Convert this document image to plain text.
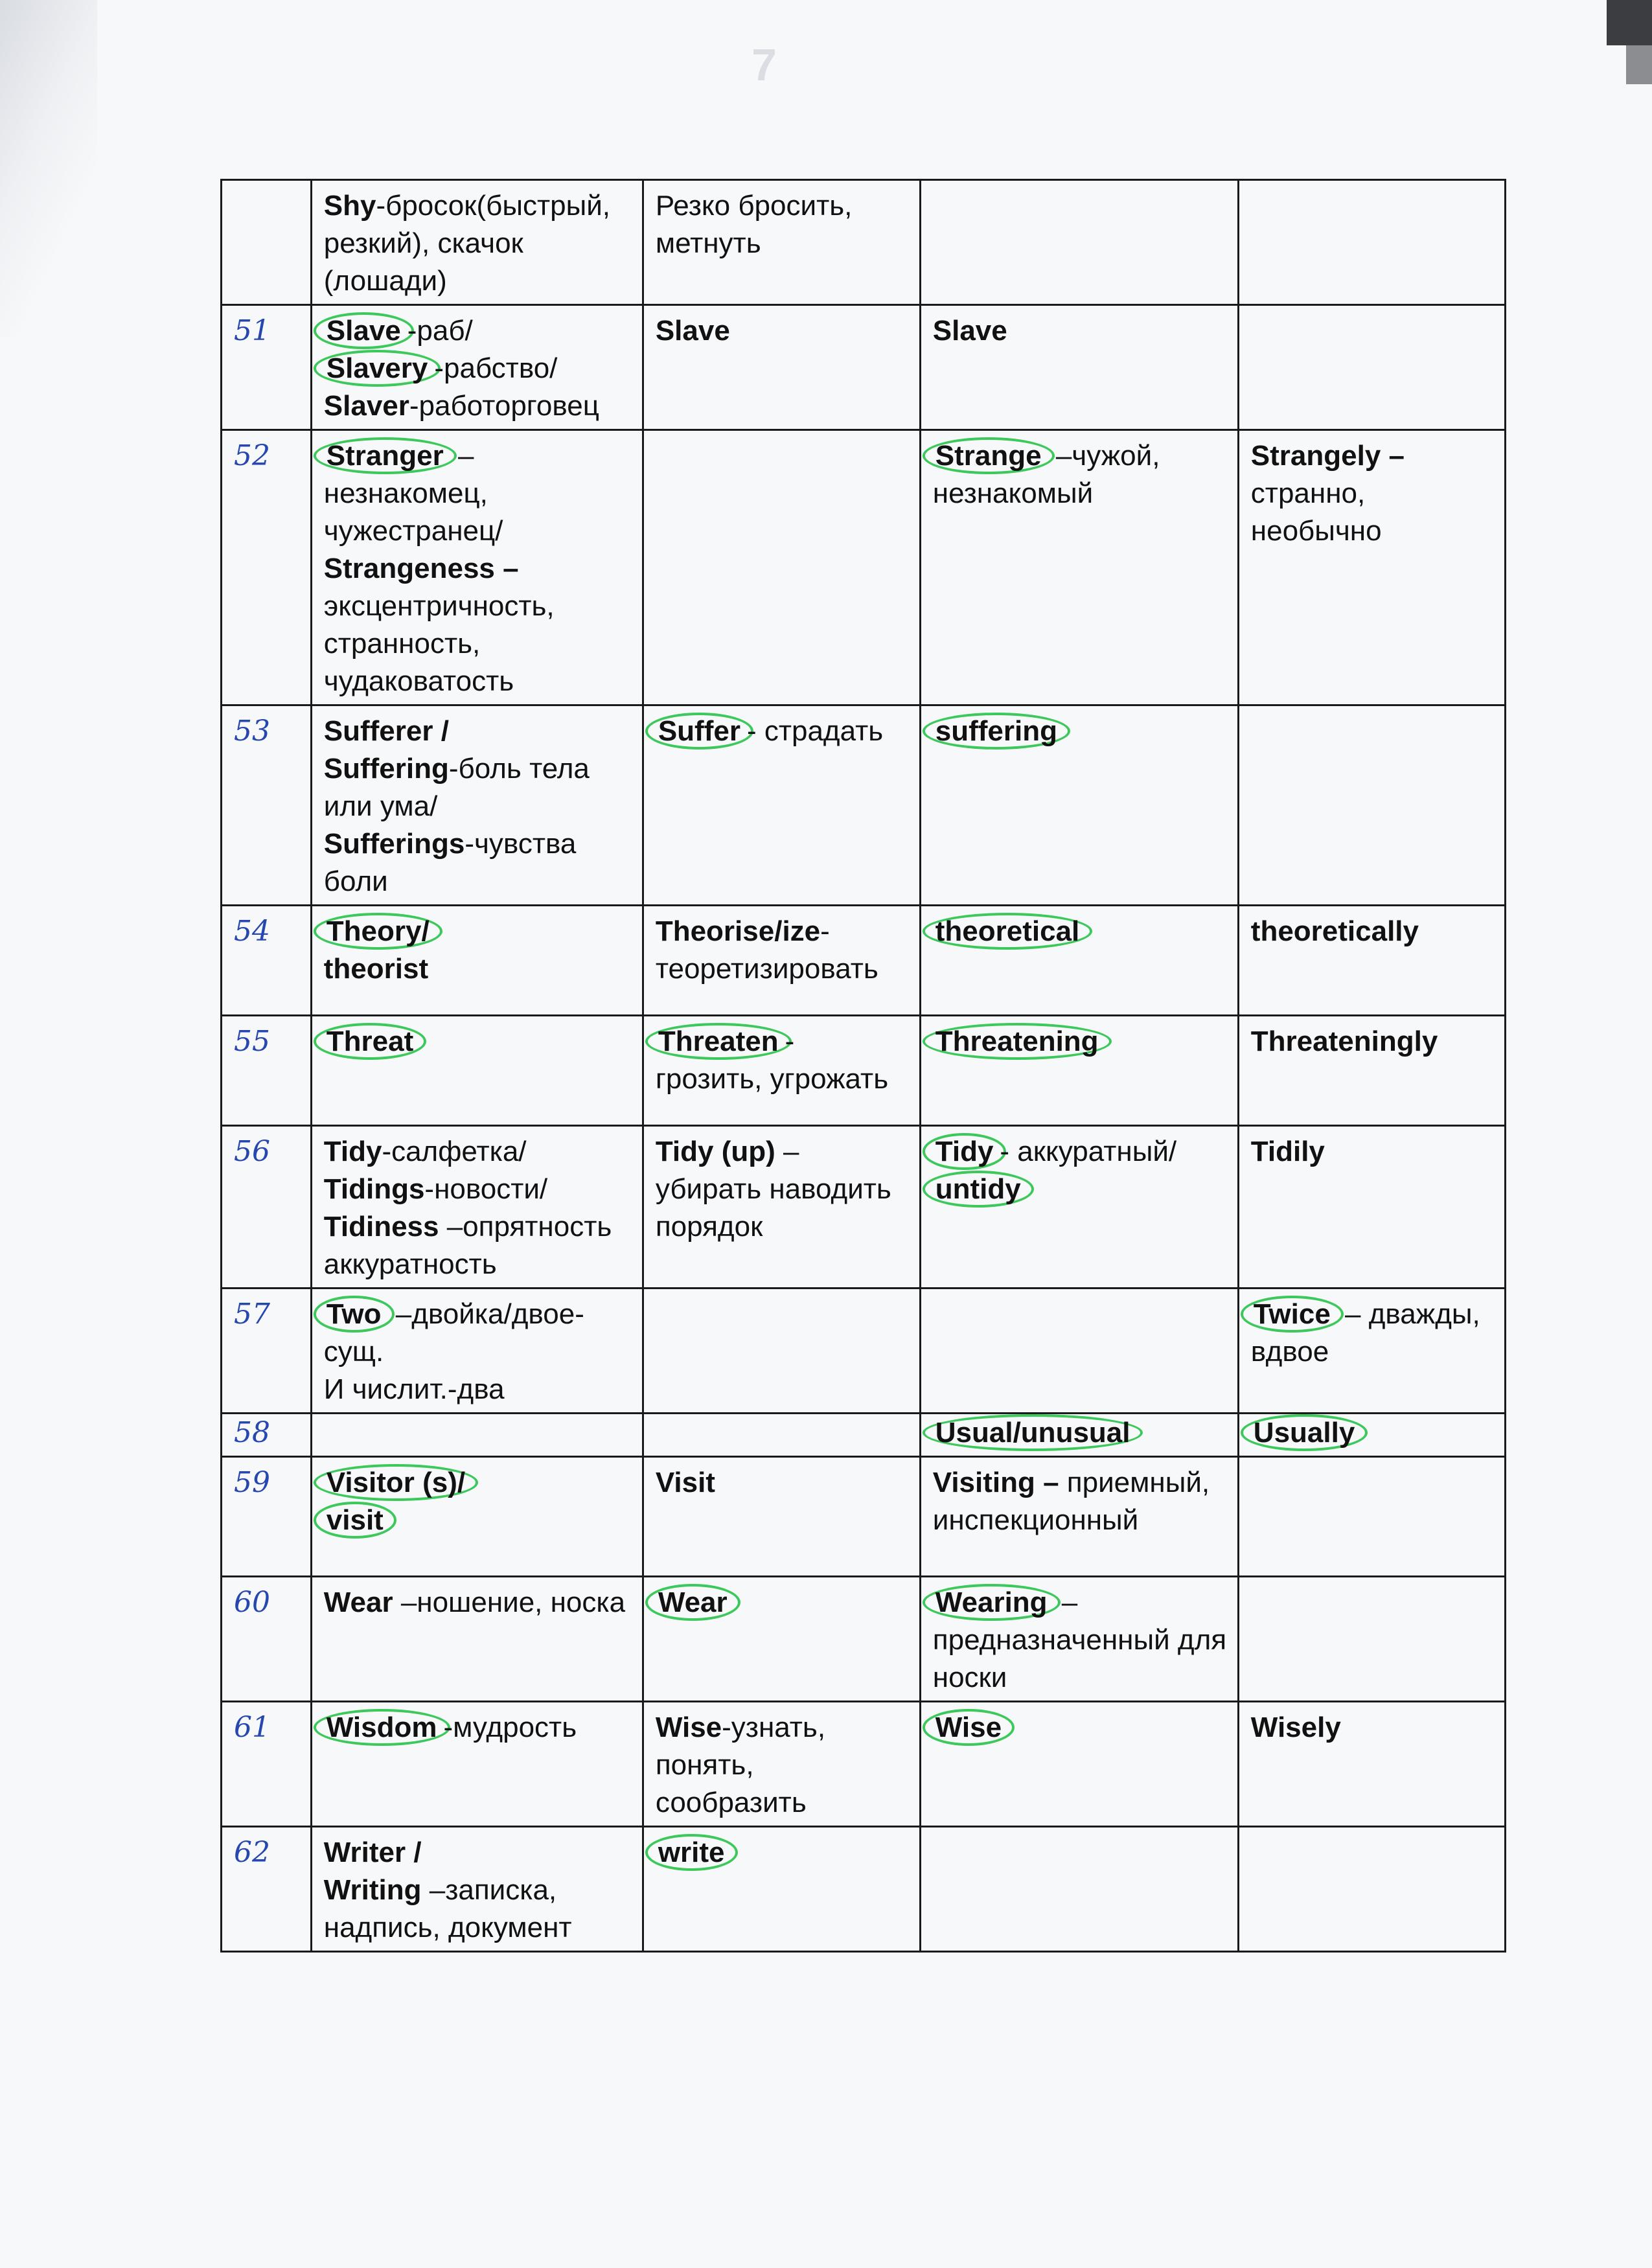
7
	Shy-бросок(быстрый, резкий), скачок (лошади)	Резко бросить, метнуть		
51	Slave -раб/
Slavery -рабство/
Slaver-работорговец	Slave	Slave	
52	Stranger –незнакомец, чужестранец/
Strangeness – эксцентричность, странность, чудаковатость		Strange –чужой, незнакомый	Strangely – странно, необычно
53	Sufferer /
Suffering-боль тела или ума/
Sufferings-чувства боли	Suffer - страдать	suffering	
54	Theory/
theorist	Theorise/ize- теоретизировать	theoretical	theoretically
55	Threat	Threaten - грозить, угрожать	Threatening	Threateningly
56	Tidy-салфетка/
Tidings-новости/
Tidiness –опрятность аккуратность	Tidy (up) – убирать наводить порядок	Tidy - аккуратный/
untidy	Tidily
57	Two –двойка/двое- сущ.
И числит.-два			Twice – дважды, вдвое
58			Usual/unusual	Usually
59	Visitor (s)/
visit	Visit	Visiting – приемный, инспекционный	
60	Wear –ношение, носка	Wear	Wearing – предназначенный для носки	
61	Wisdom -мудрость	Wise-узнать, понять, сообразить	Wise	Wisely
62	Writer /
Writing –записка, надпись, документ	write		
